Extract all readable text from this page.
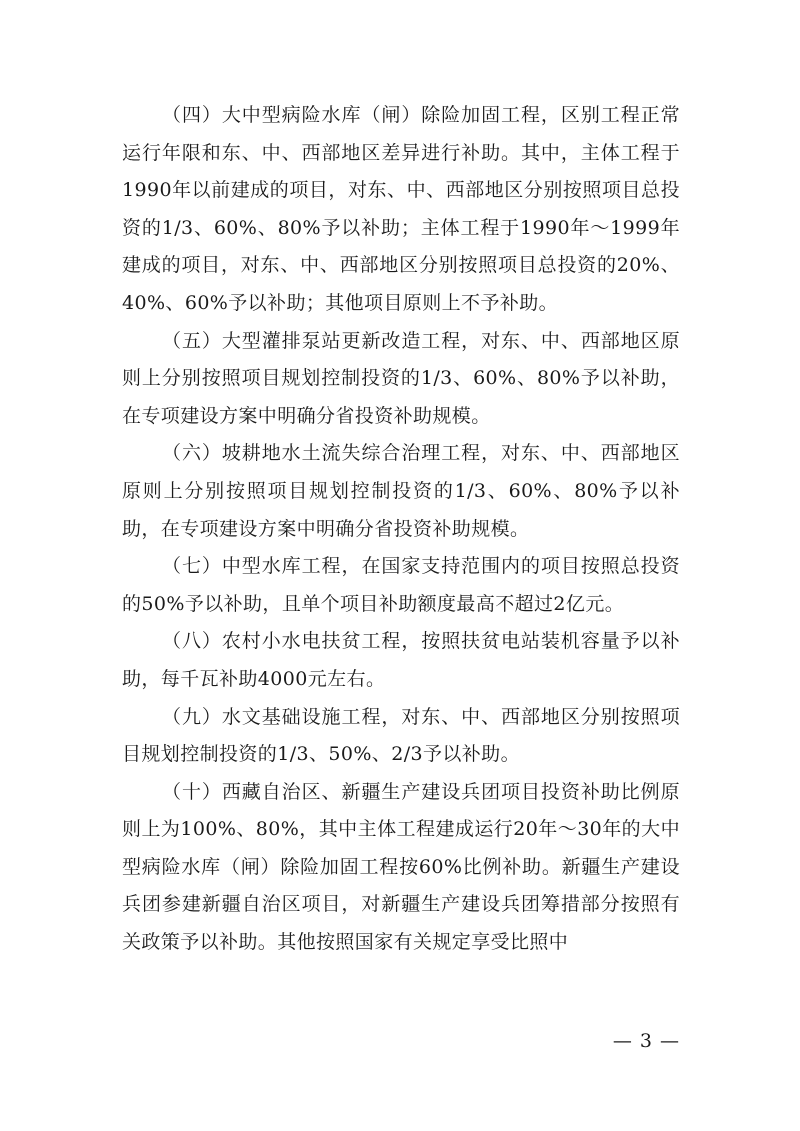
（四）大中型病险水库（闸）除险加固工程，区别工程正常运行年限和东、中、西部地区差异进行补助。其中，主体工程于1990年以前建成的项目，对东、中、西部地区分别按照项目总投资的1/3、60%、80%予以补助；主体工程于1990年～1999年建成的项目，对东、中、西部地区分别按照项目总投资的20%、40%、60%予以补助；其他项目原则上不予补助。

（五）大型灌排泵站更新改造工程，对东、中、西部地区原则上分别按照项目规划控制投资的1/3、60%、80%予以补助，在专项建设方案中明确分省投资补助规模。

（六）坡耕地水土流失综合治理工程，对东、中、西部地区原则上分别按照项目规划控制投资的1/3、60%、80%予以补助，在专项建设方案中明确分省投资补助规模。

（七）中型水库工程，在国家支持范围内的项目按照总投资的50%予以补助，且单个项目补助额度最高不超过2亿元。

（八）农村小水电扶贫工程，按照扶贫电站装机容量予以补助，每千瓦补助4000元左右。

（九）水文基础设施工程，对东、中、西部地区分别按照项目规划控制投资的1/3、50%、2/3予以补助。

（十）西藏自治区、新疆生产建设兵团项目投资补助比例原则上为100%、80%，其中主体工程建成运行20年～30年的大中型病险水库（闸）除险加固工程按60%比例补助。新疆生产建设兵团参建新疆自治区项目，对新疆生产建设兵团筹措部分按照有关政策予以补助。其他按照国家有关规定享受比照中

— 3 —
